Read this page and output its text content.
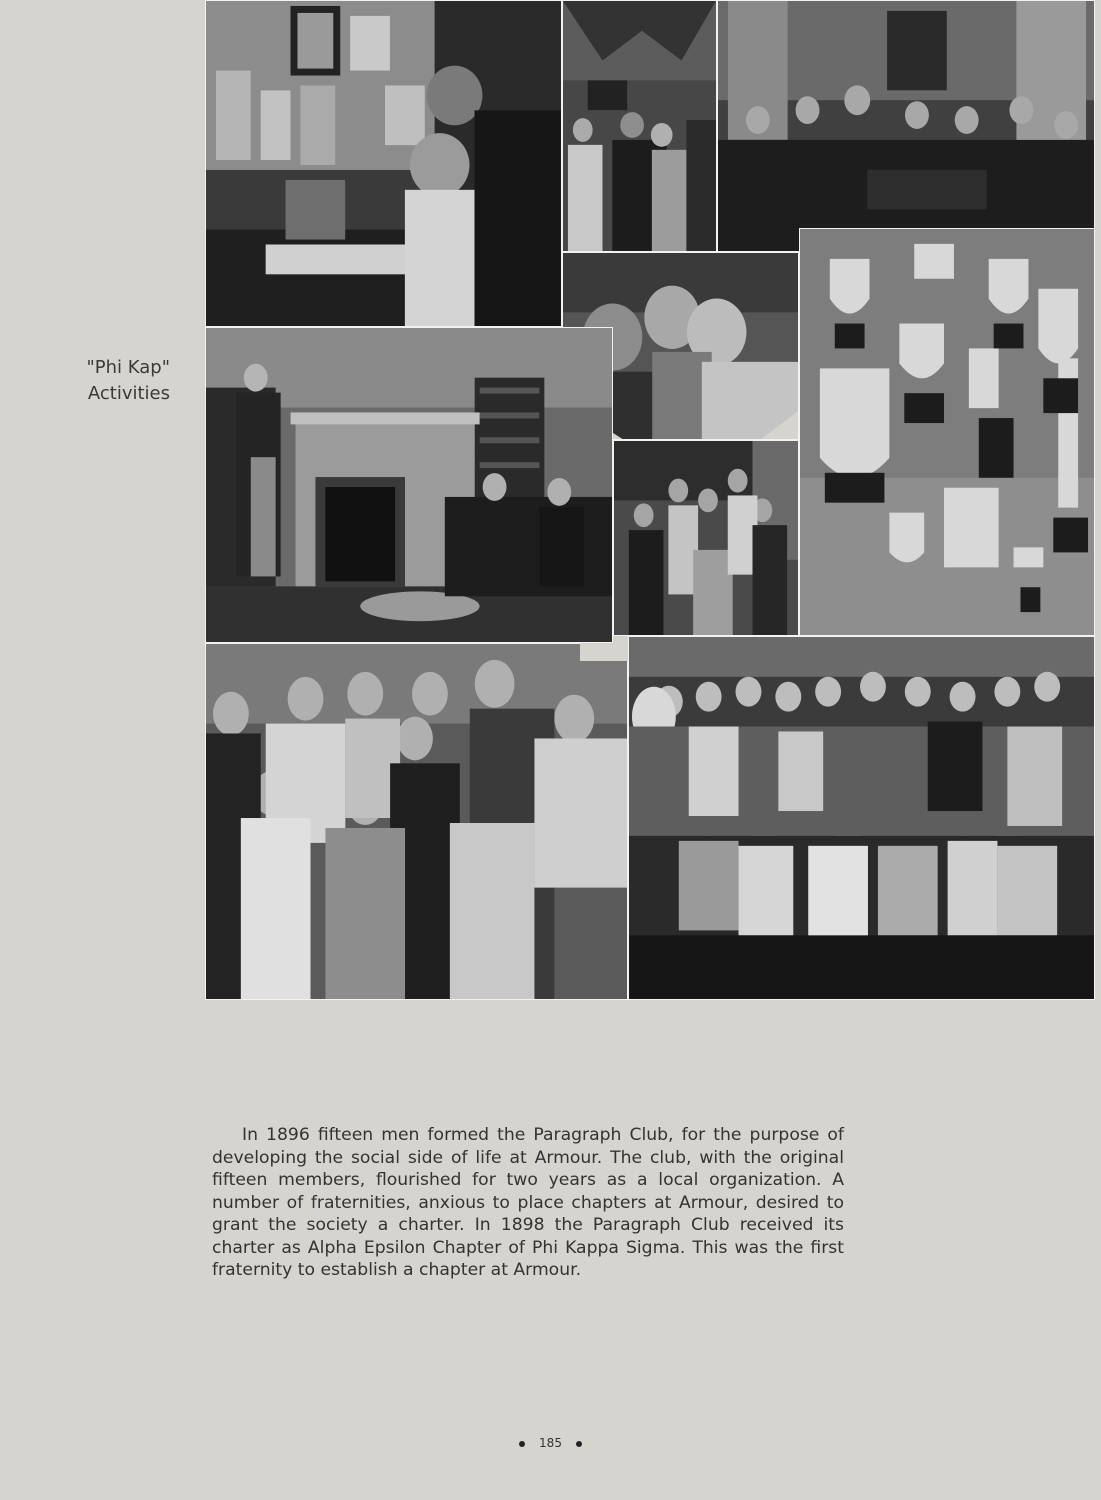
"Phi Kap"
Activities

In 1896 fifteen men formed the Paragraph Club, for the purpose of developing the social side of life at Armour. The club, with the original fifteen members, flourished for two years as a local organization. A number of fraternities, anxious to place chapters at Armour, desired to grant the society a charter. In 1898 the Paragraph Club received its charter as Alpha Epsilon Chapter of Phi Kappa Sigma. This was the first fraternity to establish a chapter at Armour.

185
